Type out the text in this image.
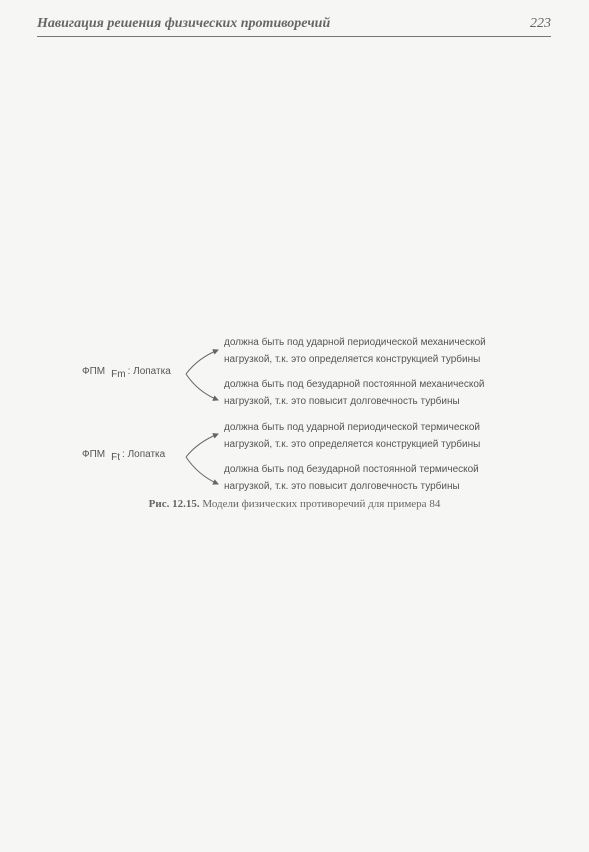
Навигация решения физических противоречий	223
ФПМ Fm : Лопатка
должна быть под ударной периодической механической
нагрузкой, т.к. это определяется конструкцией турбины
должна быть под безударной постоянной механической
нагрузкой, т.к. это повысит долговечность турбины
ФПМ Ft : Лопатка
должна быть под ударной периодической термической
нагрузкой, т.к. это определяется конструкцией турбины
должна быть под безударной постоянной термической
нагрузкой, т.к. это повысит долговечность турбины
Рис. 12.15. Модели физических противоречий для примера 84
